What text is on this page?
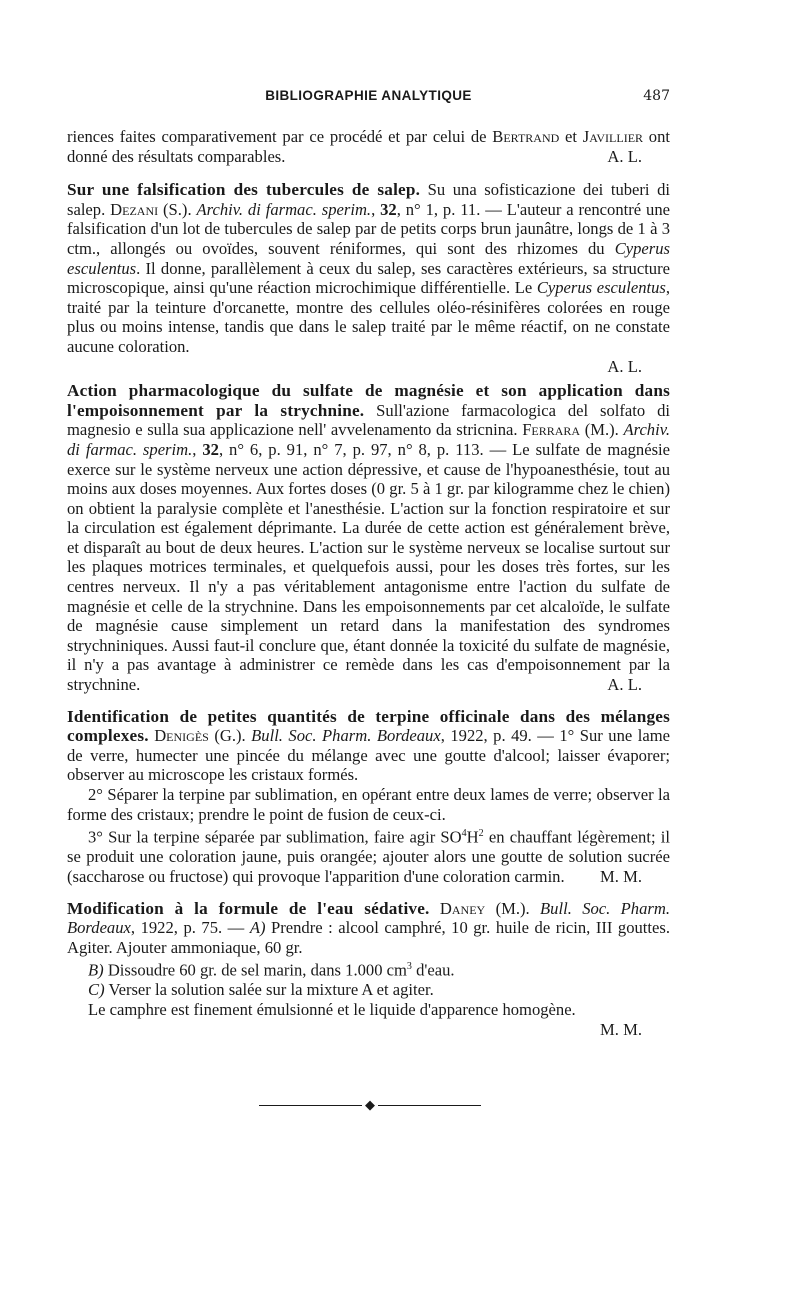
BIBLIOGRAPHIE ANALYTIQUE	487

riences faites comparativement par ce procédé et par celui de Bertrand et Javillier ont donné des résultats comparables.	A. L.

Sur une falsification des tubercules de salep. Su una sofisticazione dei tuberi di salep. Dezani (S.). Archiv. di farmac. sperim., 32, n° 1, p. 11. — L'auteur a rencontré une falsification d'un lot de tubercules de salep par de petits corps brun jaunâtre, longs de 1 à 3 ctm., allongés ou ovoïdes, souvent réniformes, qui sont des rhizomes du Cyperus esculentus. Il donne, parallèlement à ceux du salep, ses caractères extérieurs, sa structure microscopique, ainsi qu'une réaction microchimique différentielle. Le Cyperus esculentus, traité par la teinture d'orcanette, montre des cellules oléo-résinifères colorées en rouge plus ou moins intense, tandis que dans le salep traité par le même réactif, on ne constate aucune coloration.

A. L.

Action pharmacologique du sulfate de magnésie et son application dans l'empoisonnement par la strychnine. Sull'azione farmacologica del solfato di magnesio e sulla sua applicazione nell' avvelenamento da stricnina. Ferrara (M.). Archiv. di farmac. sperim., 32, n° 6, p. 91, n° 7, p. 97, n° 8, p. 113. — Le sulfate de magnésie exerce sur le système nerveux une action dépressive, et cause de l'hypoanesthésie, tout au moins aux doses moyennes. Aux fortes doses (0 gr. 5 à 1 gr. par kilogramme chez le chien) on obtient la paralysie complète et l'anesthésie. L'action sur la fonction respiratoire et sur la circulation est également déprimante. La durée de cette action est généralement brève, et disparaît au bout de deux heures. L'action sur le système nerveux se localise surtout sur les plaques motrices terminales, et quelquefois aussi, pour les doses très fortes, sur les centres nerveux. Il n'y a pas véritablement antagonisme entre l'action du sulfate de magnésie et celle de la strychnine. Dans les empoisonnements par cet alcaloïde, le sulfate de magnésie cause simplement un retard dans la manifestation des syndromes strychniniques. Aussi faut-il conclure que, étant donnée la toxicité du sulfate de magnésie, il n'y a pas avantage à administrer ce remède dans les cas d'empoisonnement par la strychnine.	A. L.

Identification de petites quantités de terpine officinale dans des mélanges complexes. Denigès (G.). Bull. Soc. Pharm. Bordeaux, 1922, p. 49. — 1° Sur une lame de verre, humecter une pincée du mélange avec une goutte d'alcool; laisser évaporer; observer au microscope les cristaux formés.

2° Séparer la terpine par sublimation, en opérant entre deux lames de verre; observer la forme des cristaux; prendre le point de fusion de ceux-ci.

3° Sur la terpine séparée par sublimation, faire agir $SO^4H^2$ en chauffant légèrement; il se produit une coloration jaune, puis orangée; ajouter alors une goutte de solution sucrée (saccharose ou fructose) qui provoque l'apparition d'une coloration carmin.	M. M.

Modification à la formule de l'eau sédative. Daney (M.). Bull. Soc. Pharm. Bordeaux, 1922, p. 75. — A) Prendre : alcool camphré, 10 gr. huile de ricin, III gouttes. Agiter. Ajouter ammoniaque, 60 gr.

B) Dissoudre 60 gr. de sel marin, dans 1.000 $cm^3$ d'eau.

C) Verser la solution salée sur la mixture A et agiter.

Le camphre est finement émulsionné et le liquide d'apparence homogène.

M. M.

◆
